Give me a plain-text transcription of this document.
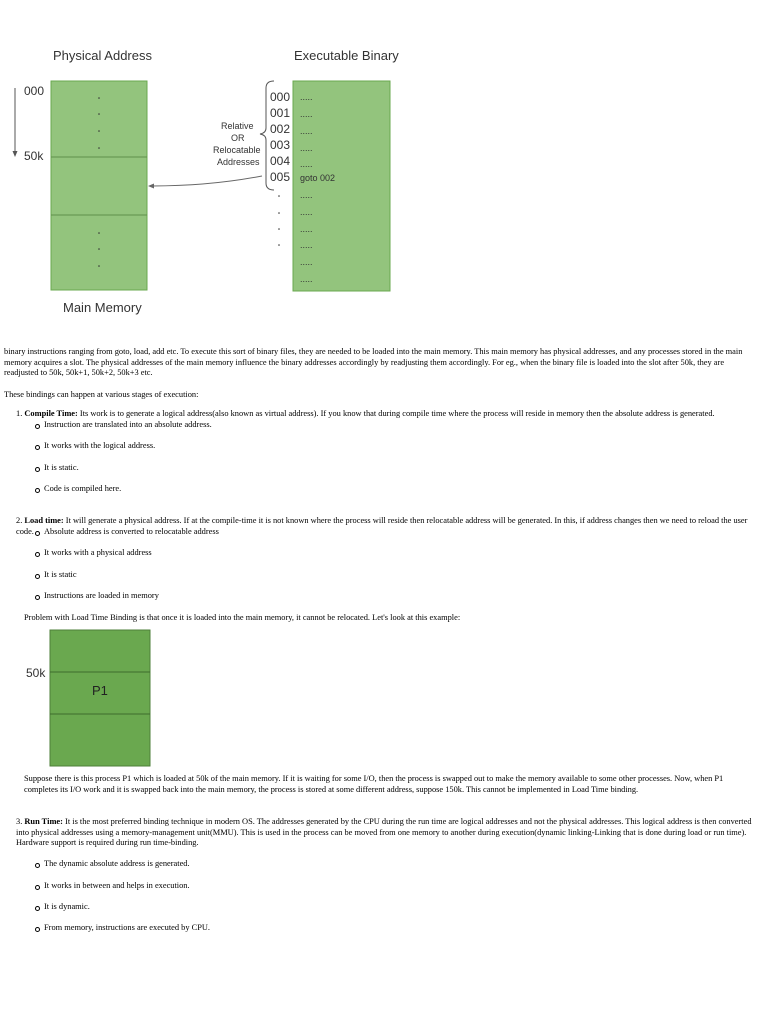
Physical Address	Executable Binary
Main Memory
000
50k
Relative
OR
Relocatable
Addresses
000
001
002
003
004
005
.....
.....
.....
.....
.....
goto 002
.....
.....
.....
.....
.....
.....
binary instructions ranging from goto, load, add etc. To execute this sort of binary files, they are needed to be loaded into the main memory. This main memory has physical addresses, and any processes stored in the main memory acquires a slot. The physical addresses of the main memory influence the binary addresses accordingly by readjusting them accordingly. For eg., when the binary file is loaded into the slot after 50k, they are readjusted to 50k, 50k+1, 50k+2, 50k+3 etc.
These bindings can happen at various stages of execution:
1. Compile Time: Its work is to generate a logical address(also known as virtual address). If you know that during compile time where the process will reside in memory then the absolute address is generated.
Instruction are translated into an absolute address.
It works with the logical address.
It is static.
Code is compiled here.
2. Load time: It will generate a physical address. If at the compile-time it is not known where the process will reside then relocatable address will be generated. In this, if address changes then we need to reload the user code.	Absolute address is converted to relocatable address
It works with a physical address
It is static
Instructions are loaded in memory
Problem with Load Time Binding is that once it is loaded into the main memory, it cannot be relocated. Let's look at this example:
50k
P1
Suppose there is this process P1 which is loaded at 50k of the main memory. If it is waiting for some I/O, then the process is swapped out to make the memory available to some other processes. Now, when P1 completes its I/O work and it is swapped back into the main memory, the process is stored at some different address, suppose 150k. This cannot be implemented in Load Time binding.
3. Run Time: It is the most preferred binding technique in modern OS. The addresses generated by the CPU during the run time are logical addresses and not the physical addresses. This logical address is then converted into physical addresses using a memory-management unit(MMU). This is used in the process can be moved from one memory to another during execution(dynamic linking-Linking that is done during load or run time). Hardware support is required during run time-binding.
The dynamic absolute address is generated.
It works in between and helps in execution.
It is dynamic.
From memory, instructions are executed by CPU.
